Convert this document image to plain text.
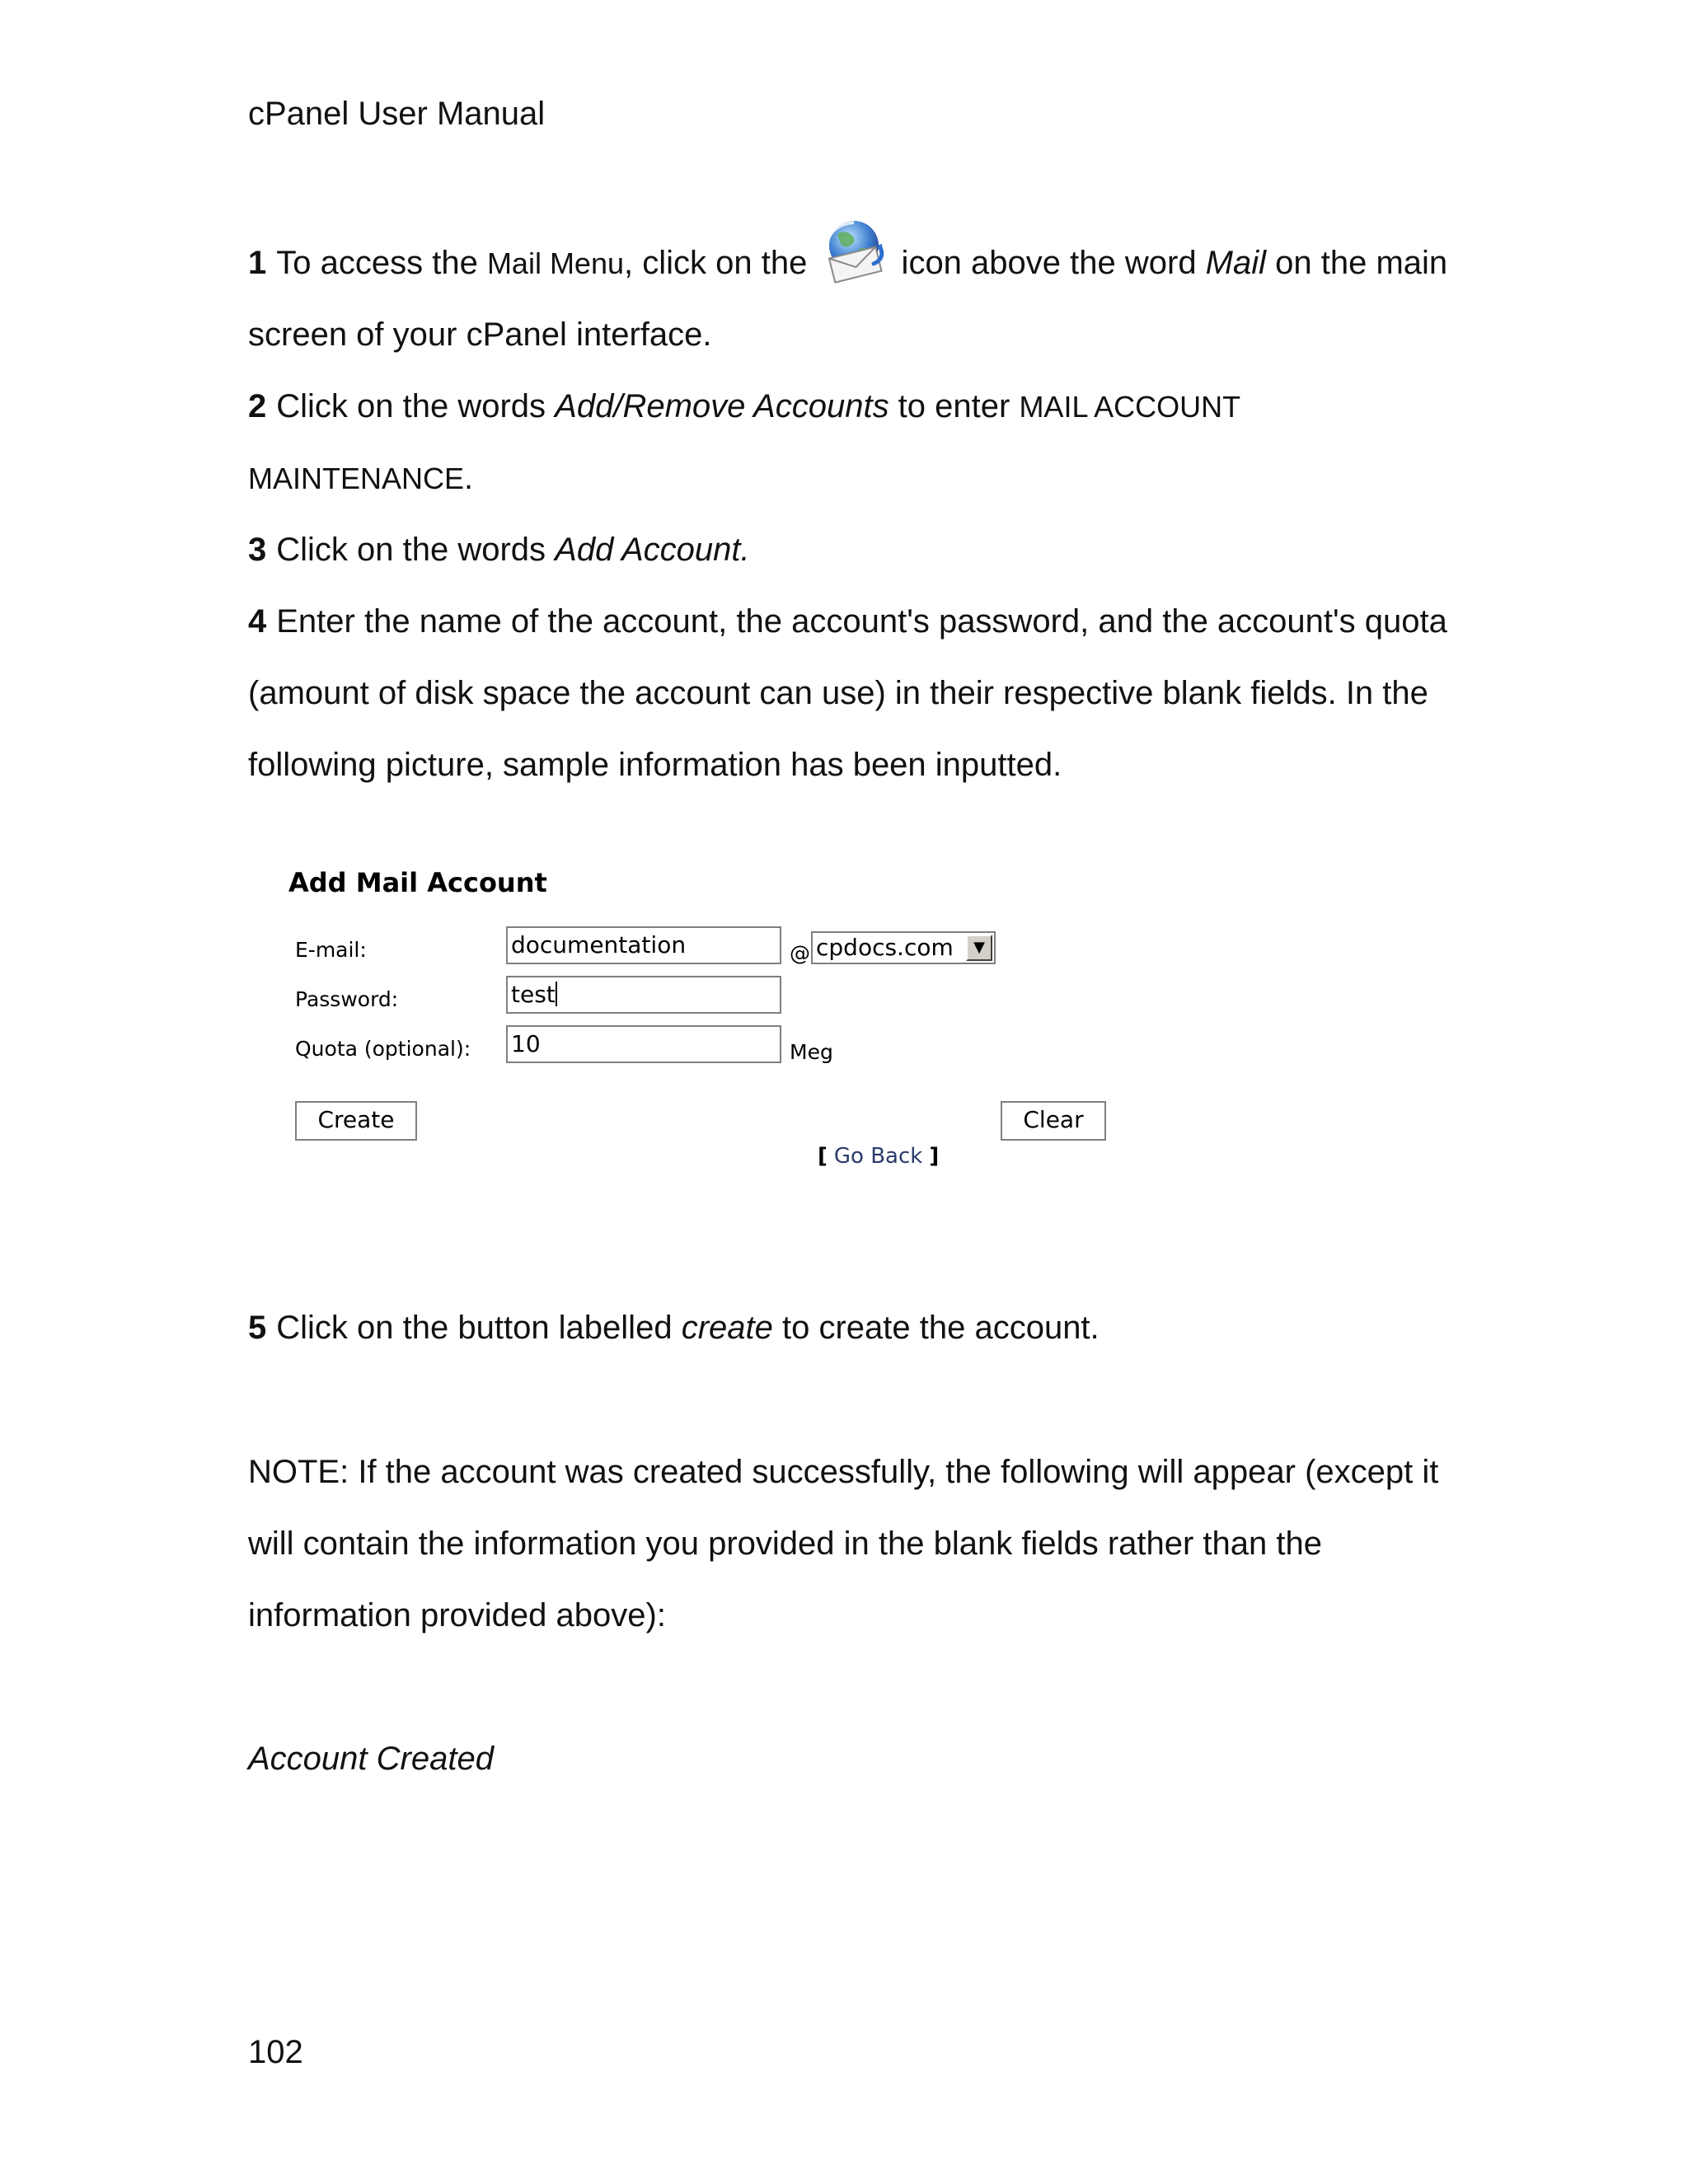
cPanel User Manual

1 To access the Mail Menu, click on the  icon above the word Mail on the main screen of your cPanel interface.

2 Click on the words Add/Remove Accounts to enter MAIL ACCOUNT MAINTENANCE.

3 Click on the words Add Account.

4 Enter the name of the account, the account's password, and the account's quota (amount of disk space the account can use) in their respective blank fields. In the following picture, sample information has been inputted.

Add Mail Account
E-mail:	documentation	@ cpdocs.com	▼
Password:	test
Quota (optional): 10	Meg
Create	Clear
[ Go Back ]

5 Click on the button labelled create to create the account.

NOTE: If the account was created successfully, the following will appear (except it will contain the information you provided in the blank fields rather than the information provided above):

Account Created

102
